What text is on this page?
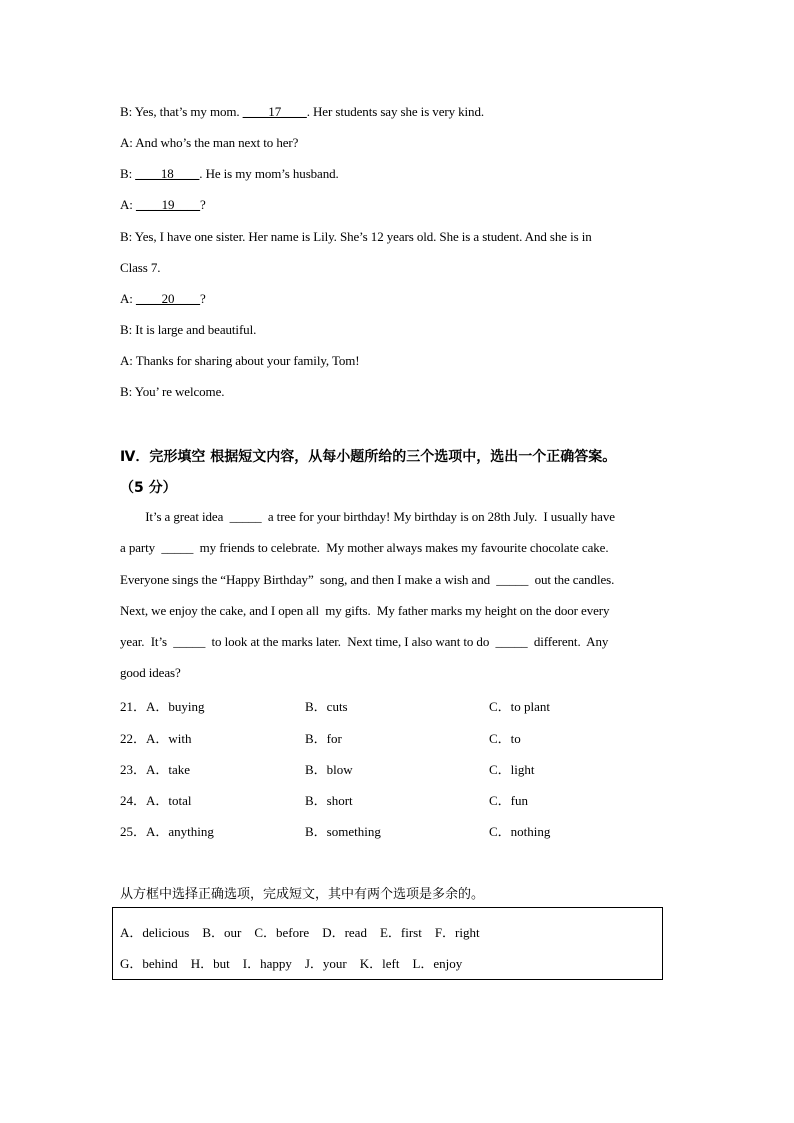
B: Yes, that’s my mom. ____17____. Her students say she is very kind.
A: And who’s the man next to her?
B: ____18____. He is my mom’s husband.
A: ____19____?
B: Yes, I have one sister. Her name is Lily. She’s 12 years old. She is a student. And she is in
Class 7.
A: ____20____?
B: It is large and beautiful.
A: Thanks for sharing about your family, Tom!
B: You’ re welcome.
Ⅳ．完形填空 根据短文内容，从每小题所给的三个选项中，选出一个正确答案。
（5 分）
It’s a great idea  _____  a tree for your birthday! My birthday is on 28th July.  I usually have
a party  _____  my friends to celebrate.  My mother always makes my favourite chocolate cake.
Everyone sings the “Happy Birthday”  song, and then I make a wish and  _____  out the candles.
Next, we enjoy the cake, and I open all  my gifts.  My father marks my height on the door every
year.  It’s  _____  to look at the marks later.  Next time, I also want to do  _____  different.  Any
good ideas?
21．A．buying	B．cuts	C．to plant
22．A．with	B．for	C．to
23．A．take	B．blow	C．light
24．A．total	B．short	C．fun
25．A．anything	B．something	C．nothing
从方框中选择正确选项，完成短文，其中有两个选项是多余的。
A．delicious    B．our    C．before    D．read    E．first    F．right
G．behind    H．but    I．happy    J．your    K．left    L．enjoy
